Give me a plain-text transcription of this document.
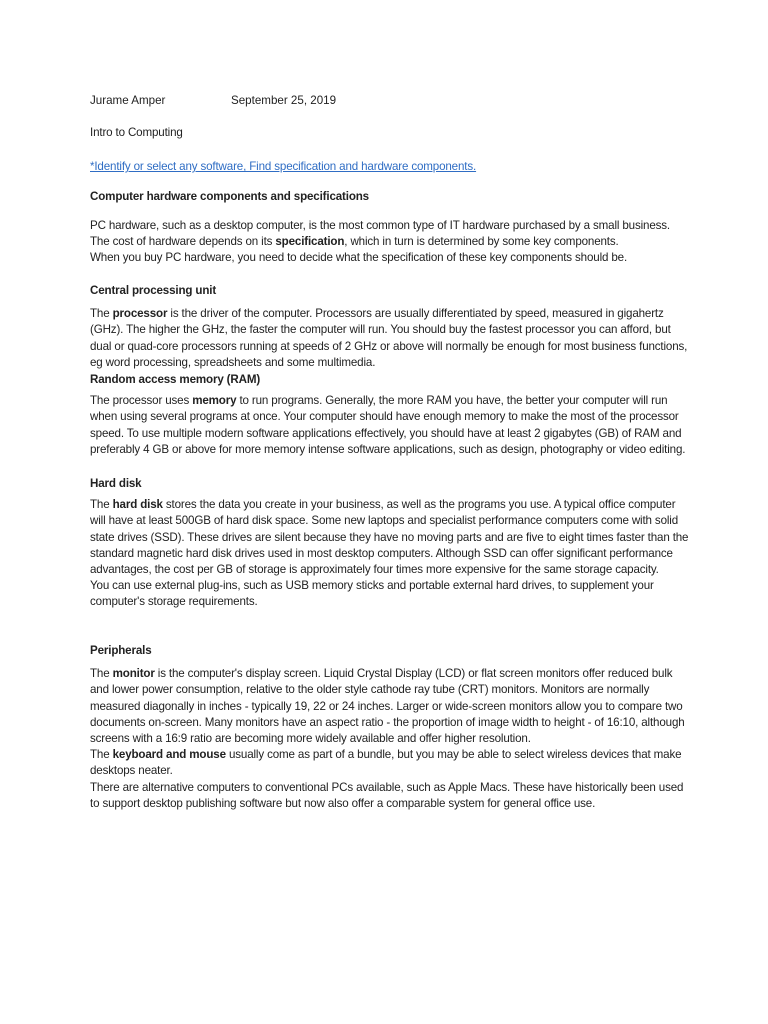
Jurame Amper	September 25, 2019

Intro to Computing

*Identify or select any software, Find specification and hardware components.

Computer hardware components and specifications

PC hardware, such as a desktop computer, is the most common type of IT hardware purchased by a small business.

The cost of hardware depends on its specification, which in turn is determined by some key components.

When you buy PC hardware, you need to decide what the specification of these key components should be.

Central processing unit

The processor is the driver of the computer. Processors are usually differentiated by speed, measured in gigahertz (GHz). The higher the GHz, the faster the computer will run. You should buy the fastest processor you can afford, but dual or quad-core processors running at speeds of 2 GHz or above will normally be enough for most business functions, eg word processing, spreadsheets and some multimedia.

Random access memory (RAM)

The processor uses memory to run programs. Generally, the more RAM you have, the better your computer will run when using several programs at once. Your computer should have enough memory to make the most of the processor speed. To use multiple modern software applications effectively, you should have at least 2 gigabytes (GB) of RAM and preferably 4 GB or above for more memory intense software applications, such as design, photography or video editing.

Hard disk

The hard disk stores the data you create in your business, as well as the programs you use. A typical office computer will have at least 500GB of hard disk space. Some new laptops and specialist performance computers come with solid state drives (SSD). These drives are silent because they have no moving parts and are five to eight times faster than the standard magnetic hard disk drives used in most desktop computers. Although SSD can offer significant performance advantages, the cost per GB of storage is approximately four times more expensive for the same storage capacity.

You can use external plug-ins, such as USB memory sticks and portable external hard drives, to supplement your computer's storage requirements.

Peripherals

The monitor is the computer's display screen. Liquid Crystal Display (LCD) or flat screen monitors offer reduced bulk and lower power consumption, relative to the older style cathode ray tube (CRT) monitors. Monitors are normally measured diagonally in inches - typically 19, 22 or 24 inches. Larger or wide-screen monitors allow you to compare two documents on-screen. Many monitors have an aspect ratio - the proportion of image width to height - of 16:10, although screens with a 16:9 ratio are becoming more widely available and offer higher resolution.

The keyboard and mouse usually come as part of a bundle, but you may be able to select wireless devices that make desktops neater.

There are alternative computers to conventional PCs available, such as Apple Macs. These have historically been used to support desktop publishing software but now also offer a comparable system for general office use.
